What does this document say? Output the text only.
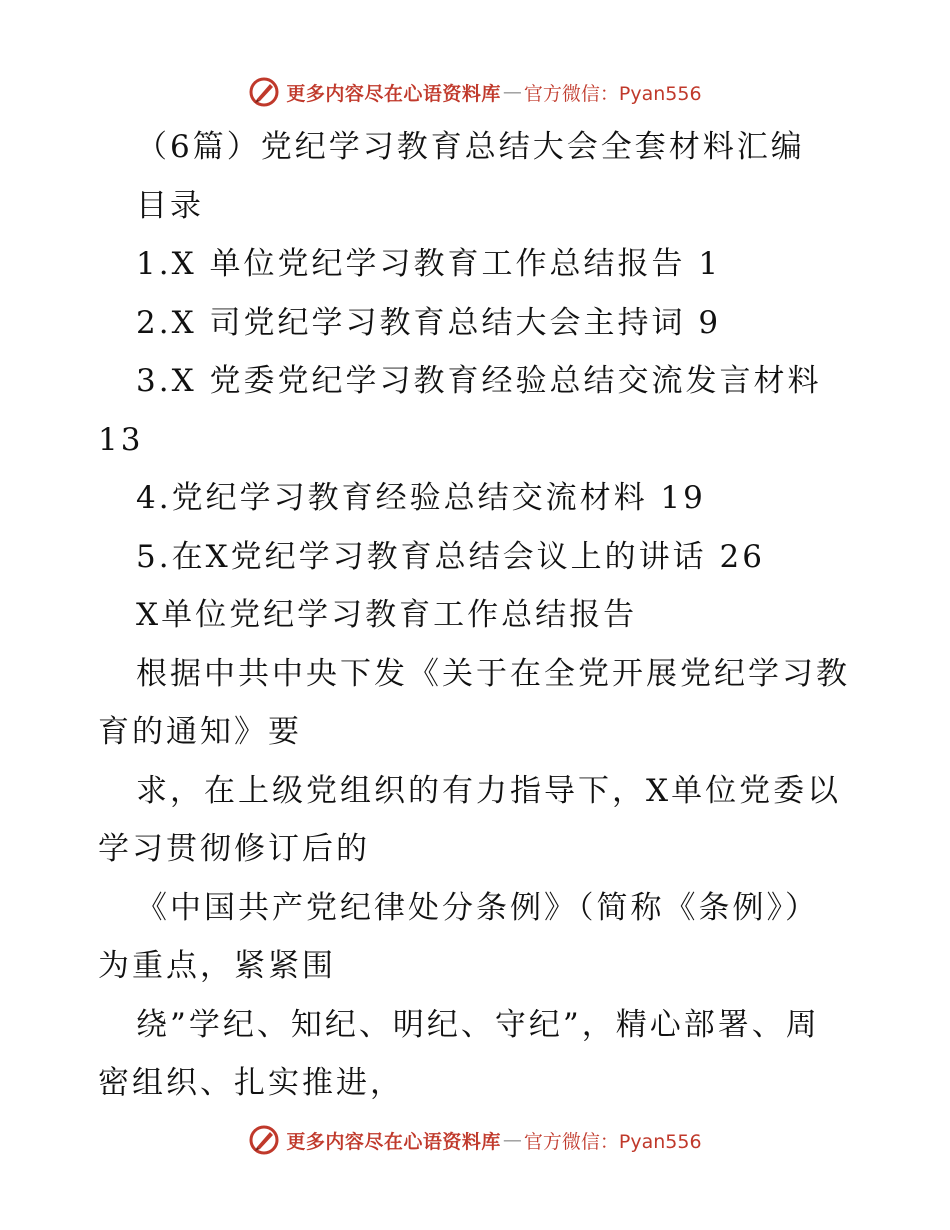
更多内容尽在心语资料库 — 官方微信：Pyan556
（6篇）党纪学习教育总结大会全套材料汇编
目录
1.X 单位党纪学习教育工作总结报告 1
2.X 司党纪学习教育总结大会主持词 9
3.X 党委党纪学习教育经验总结交流发言材料
13
4.党纪学习教育经验总结交流材料 19
5.在X党纪学习教育总结会议上的讲话 26
X单位党纪学习教育工作总结报告
根据中共中央下发《关于在全党开展党纪学习教
育的通知》要
求，在上级党组织的有力指导下，X单位党委以
学习贯彻修订后的
《中国共产党纪律处分条例》（简称《条例》）
为重点，紧紧围
绕”学纪、知纪、明纪、守纪”，精心部署、周
密组织、扎实推进，
更多内容尽在心语资料库 — 官方微信：Pyan556
